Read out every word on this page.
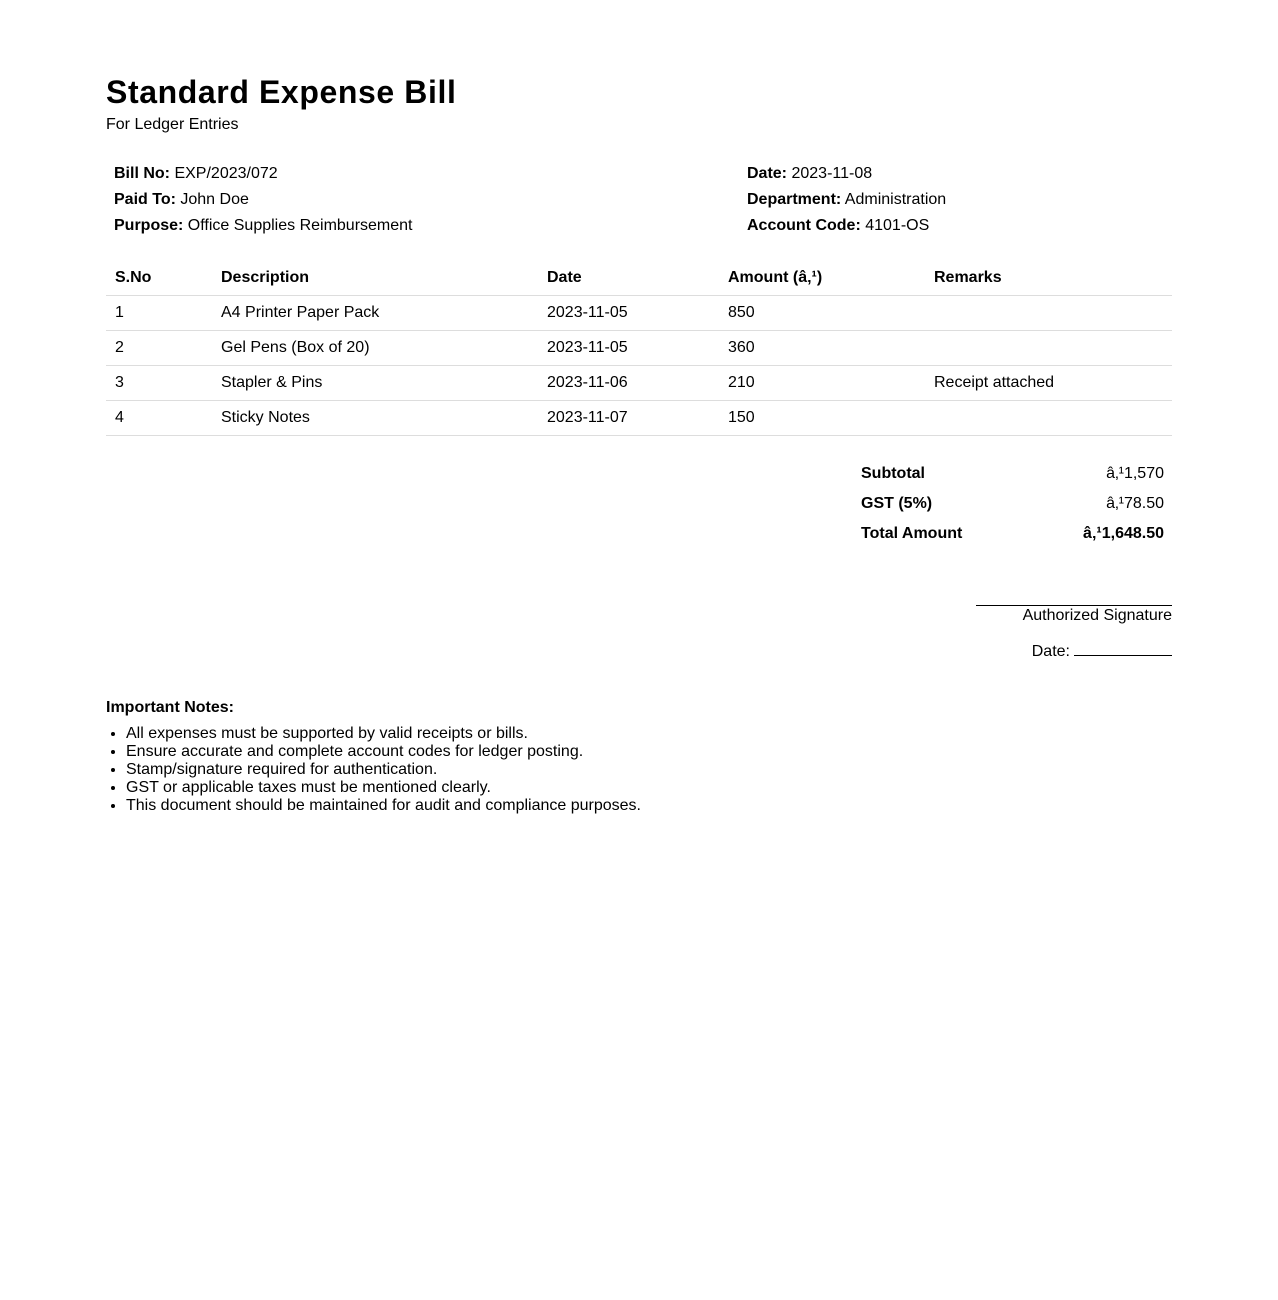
Standard Expense Bill
For Ledger Entries
Bill No: EXP/2023/072
Paid To: John Doe
Purpose: Office Supplies Reimbursement
Date: 2023-11-08
Department: Administration
Account Code: 4101-OS
S.No	Description	Date	Amount (â‚¹)	Remarks
1	A4 Printer Paper Pack	2023-11-05	850	
2	Gel Pens (Box of 20)	2023-11-05	360	
3	Stapler & Pins	2023-11-06	210	Receipt attached
4	Sticky Notes	2023-11-07	150	
Subtotal	â‚¹1,570
GST (5%)	â‚¹78.50
Total Amount	â‚¹1,648.50
Authorized Signature
Date:
Important Notes:
• All expenses must be supported by valid receipts or bills.
• Ensure accurate and complete account codes for ledger posting.
• Stamp/signature required for authentication.
• GST or applicable taxes must be mentioned clearly.
• This document should be maintained for audit and compliance purposes.
